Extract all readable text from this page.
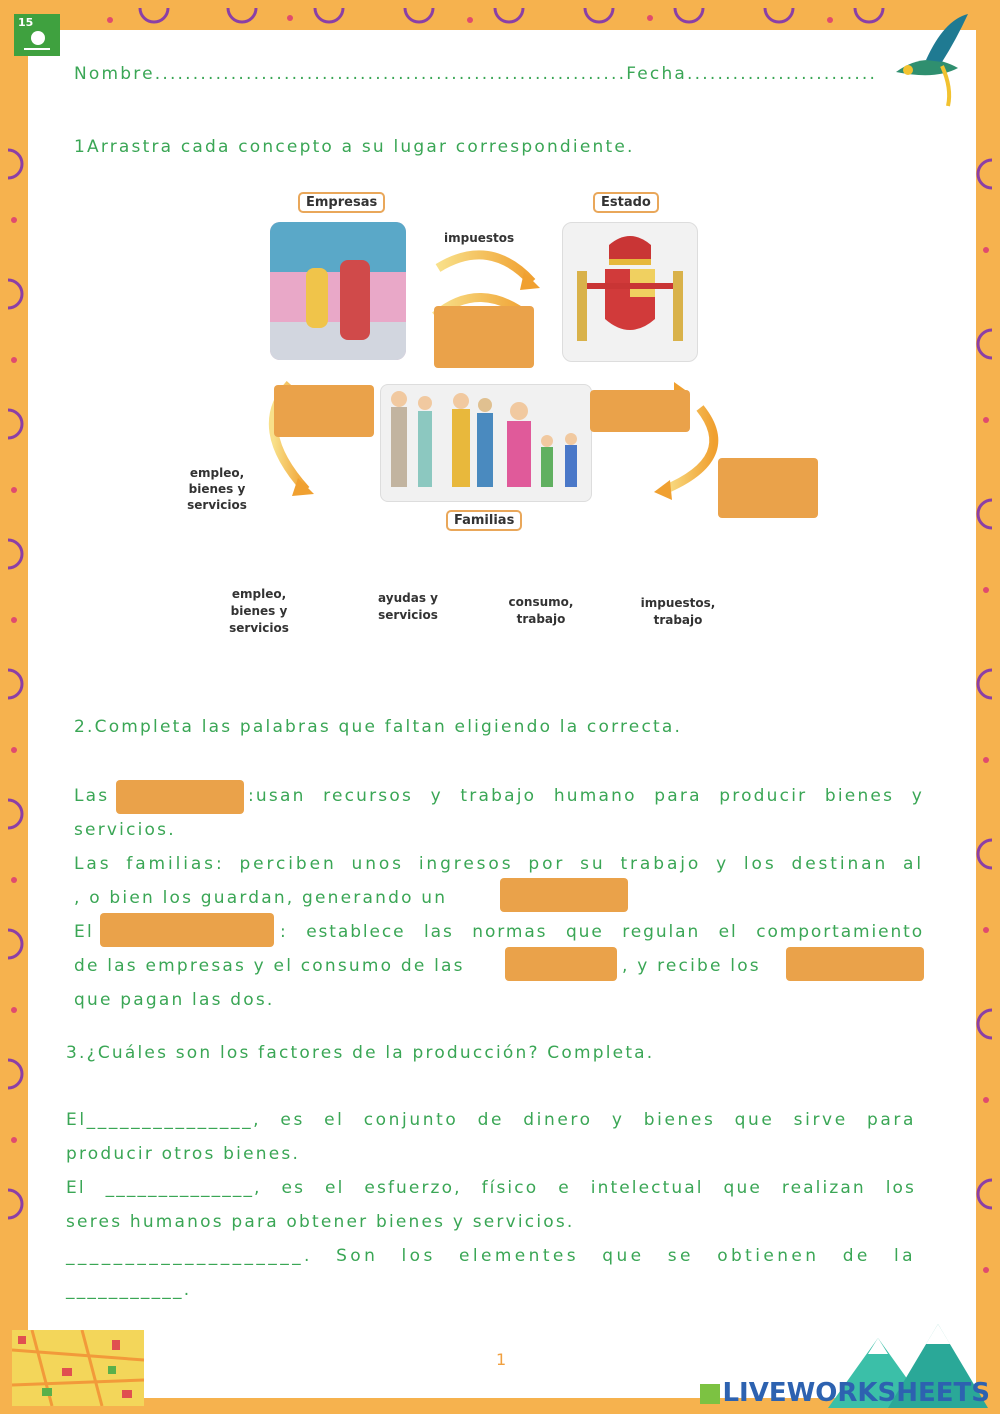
15
Nombre..............................................................Fecha.........................
1Arrastra cada concepto a su lugar correspondiente.
Empresas	Estado
Familias
impuestos
empleo,
bienes y
servicios
empleo,
bienes y
servicios
ayudas y
servicios
consumo,
trabajo
impuestos,
trabajo
2.Completa las palabras que faltan eligiendo la correcta.
Las	:usan recursos y trabajo humano para producir bienes y
servicios.
Las familias: perciben unos ingresos por su trabajo y los destinan al
, o bien los guardan, generando un
El	: establece las normas que regulan el comportamiento
de las empresas y el consumo de las	, y recibe los
que pagan las dos.
3.¿Cuáles son los factores de la producción? Completa.
El_______________, es el conjunto de dinero y bienes que sirve para
producir otros bienes.
El ______________, es el esfuerzo, físico e intelectual que realizan los
seres humanos para obtener bienes y servicios.
____________________. Son los elementes que se obtienen de la
___________.
1
LIVEWORKSHEETS
